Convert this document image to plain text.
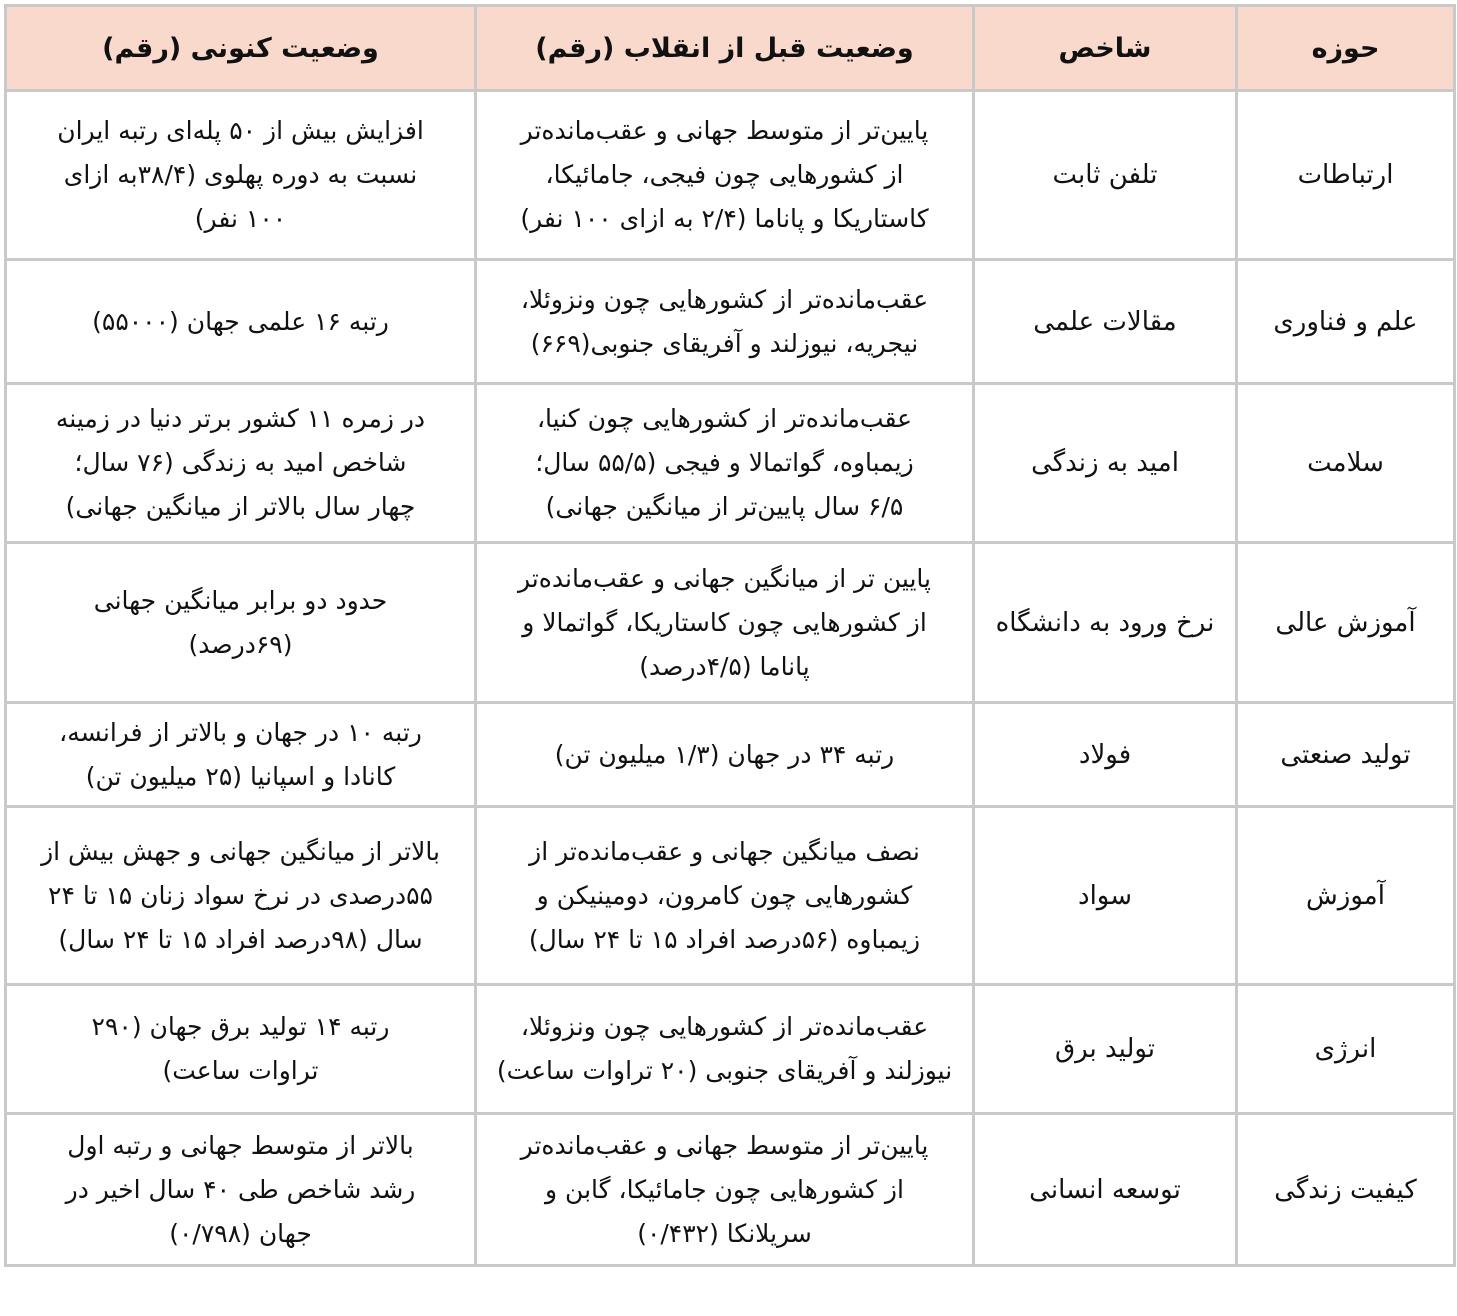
حوزه	شاخص	وضعیت قبل از انقلاب (رقم)	وضعیت کنونی (رقم)
ارتباطات	تلفن ثابت	پایین‌تر از متوسط جهانی و عقب‌مانده‌تر
از کشورهایی چون فیجی، جامائیکا،
کاستاریکا و پاناما (۲/۴ به ازای ۱۰۰ نفر)	افزایش بیش از ۵۰ پله‌ای رتبه ایران
نسبت به دوره پهلوی (۳۸/۴به ازای
۱۰۰ نفر)

علم و فناوری	مقالات علمی	عقب‌مانده‌تر از کشورهایی چون ونزوئلا،
نیجریه، نیوزلند و آفریقای جنوبی(۶۶۹)	رتبه ۱۶ علمی جهان (۵۵۰۰۰)

سلامت	امید به زندگی	عقب‌مانده‌تر از کشورهایی چون کنیا،
زیمباوه، گواتمالا و فیجی (۵۵/۵ سال؛
۶/۵ سال پایین‌تر از میانگین جهانی)	در زمره ۱۱ کشور برتر دنیا در زمینه
شاخص امید به زندگی (۷۶ سال؛
چهار سال بالاتر از میانگین جهانی)

آموزش عالی	نرخ ورود به دانشگاه	پایین تر از میانگین جهانی و عقب‌مانده‌تر
از کشورهایی چون کاستاریکا، گواتمالا و
پاناما (۴/۵درصد)	حدود دو برابر میانگین جهانی
(۶۹درصد)

تولید صنعتی	فولاد	رتبه ۳۴ در جهان (۱/۳ میلیون تن)	رتبه ۱۰ در جهان و بالاتر از فرانسه،
کانادا و اسپانیا (۲۵ میلیون تن)

آموزش	سواد	نصف میانگین جهانی و عقب‌مانده‌تر از
کشورهایی چون کامرون، دومینیکن و
زیمباوه (۵۶درصد افراد ۱۵ تا ۲۴ سال)	بالاتر از میانگین جهانی و جهش بیش از
۵۵درصدی در نرخ سواد زنان ۱۵ تا ۲۴
سال (۹۸درصد افراد ۱۵ تا ۲۴ سال)

انرژی	تولید برق	عقب‌مانده‌تر از کشورهایی چون ونزوئلا،
نیوزلند و آفریقای جنوبی (۲۰ تراوات ساعت)	رتبه ۱۴ تولید برق جهان (۲۹۰
تراوات ساعت)

کیفیت زندگی	توسعه انسانی	پایین‌تر از متوسط جهانی و عقب‌مانده‌تر
از کشورهایی چون جامائیکا، گابن و
سریلانکا (۰/۴۳۲)	بالاتر از متوسط جهانی و رتبه اول
رشد شاخص طی ۴۰ سال اخیر در
جهان (۰/۷۹۸)
